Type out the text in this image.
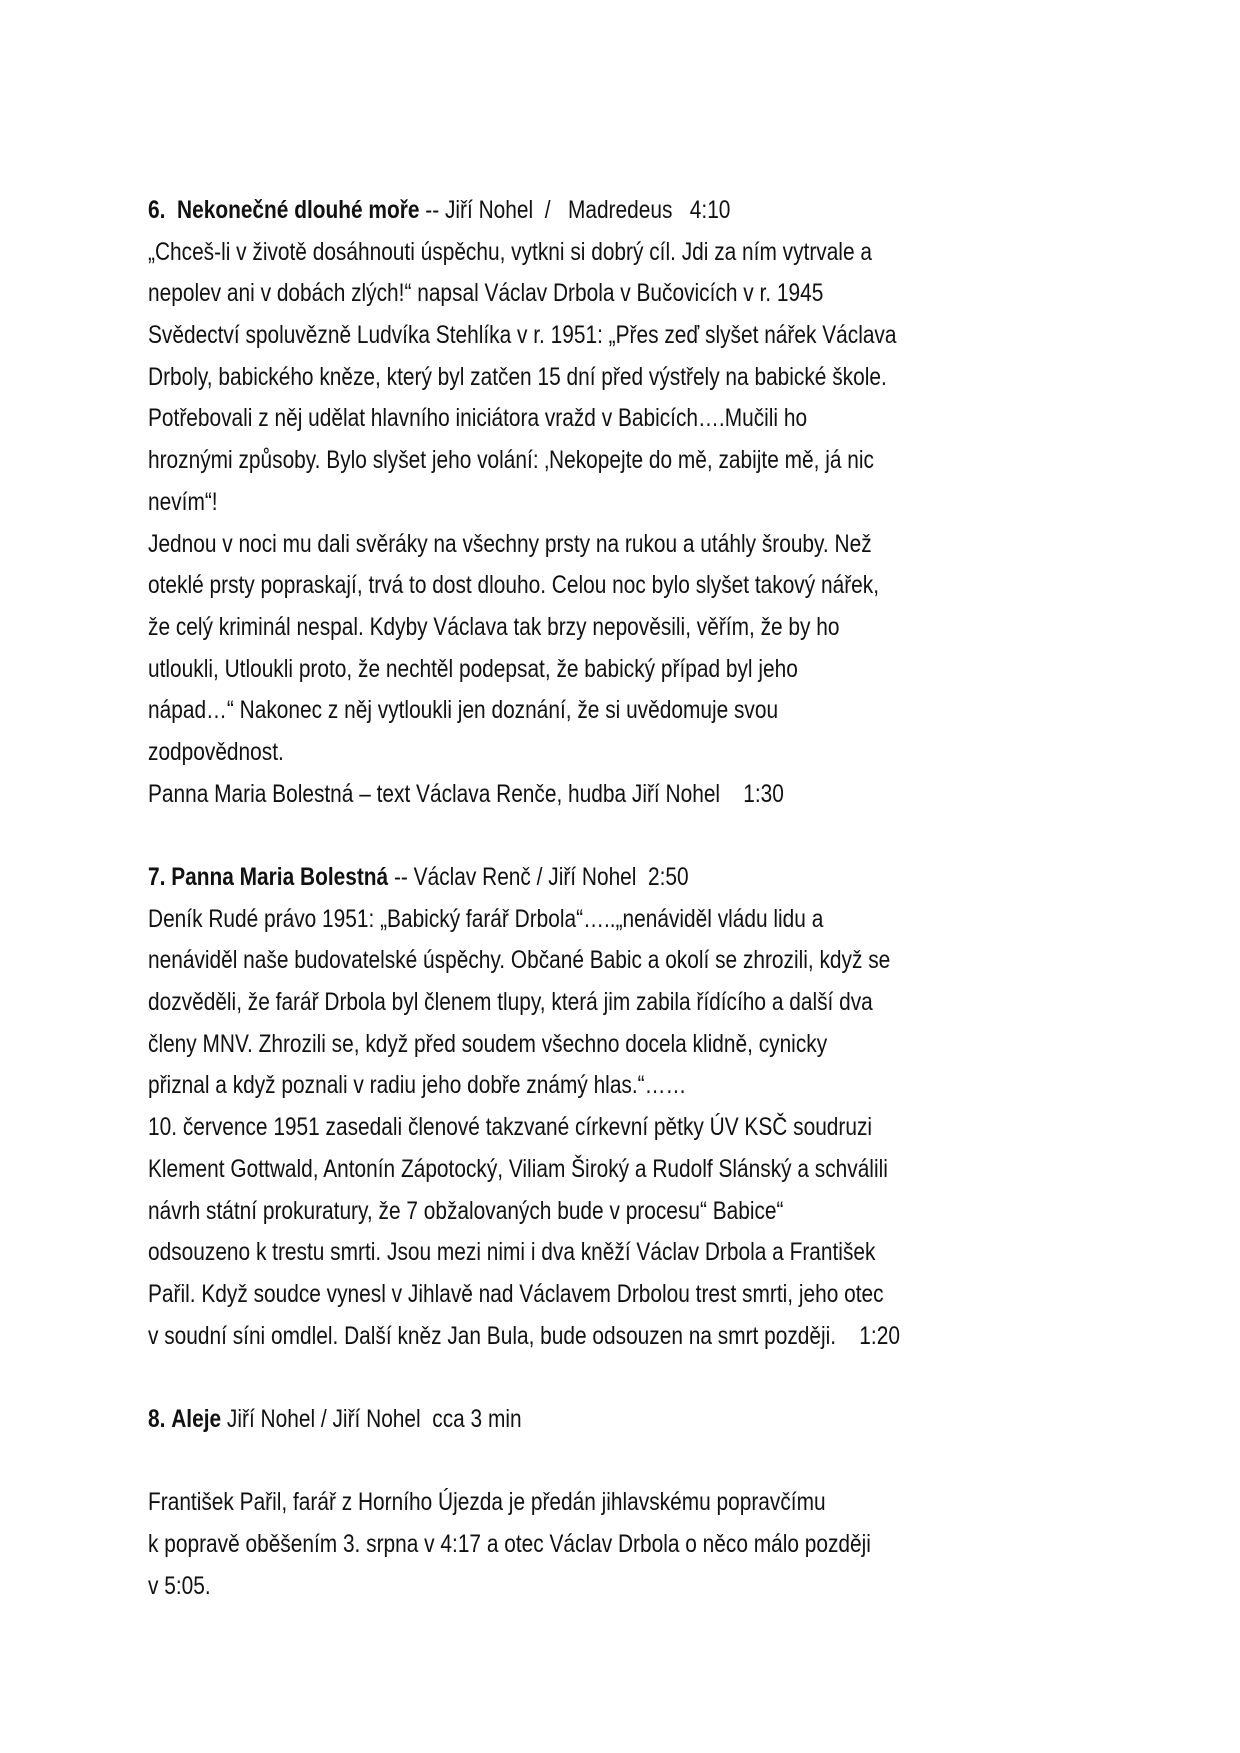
6. Nekonečné dlouhé moře -- Jiří Nohel  /   Madredeus   4:10
„Chceš-li v životě dosáhnouti úspěchu, vytkni si dobrý cíl. Jdi za ním vytrvale a
nepolev ani v dobách zlých!“ napsal Václav Drbola v Bučovicích v r. 1945
Svědectví spoluvězně Ludvíka Stehlíka v r. 1951: „Přes zeď slyšet nářek Václava
Drboly, babického kněze, který byl zatčen 15 dní před výstřely na babické škole.
Potřebovali z něj udělat hlavního iniciátora vražd v Babicích….Mučili ho
hroznými způsoby. Bylo slyšet jeho volání: ‚Nekopejte do mě, zabijte mě, já nic
nevím“!
Jednou v noci mu dali svěráky na všechny prsty na rukou a utáhly šrouby. Než
oteklé prsty popraskají, trvá to dost dlouho. Celou noc bylo slyšet takový nářek,
že celý kriminál nespal. Kdyby Václava tak brzy nepověsili, věřím, že by ho
utloukli, Utloukli proto, že nechtěl podepsat, že babický případ byl jeho
nápad…“ Nakonec z něj vytloukli jen doznání, že si uvědomuje svou
zodpovědnost.
Panna Maria Bolestná – text Václava Renče, hudba Jiří Nohel    1:30
7. Panna Maria Bolestná -- Václav Renč / Jiří Nohel  2:50
Deník Rudé právo 1951: „Babický farář Drbola“…..„nenáviděl vládu lidu a
nenáviděl naše budovatelské úspěchy. Občané Babic a okolí se zhrozili, když se
dozvěděli, že farář Drbola byl členem tlupy, která jim zabila řídícího a další dva
členy MNV. Zhrozili se, když před soudem všechno docela klidně, cynicky
přiznal a když poznali v radiu jeho dobře známý hlas.“……
10. července 1951 zasedali členové takzvané církevní pětky ÚV KSČ soudruzi
Klement Gottwald, Antonín Zápotocký, Viliam Široký a Rudolf Slánský a schválili
návrh státní prokuratury, že 7 obžalovaných bude v procesu“ Babice“
odsouzeno k trestu smrti. Jsou mezi nimi i dva kněží Václav Drbola a František
Pařil. Když soudce vynesl v Jihlavě nad Václavem Drbolou trest smrti, jeho otec
v soudní síni omdlel. Další kněz Jan Bula, bude odsouzen na smrt později.    1:20
8. Aleje Jiří Nohel / Jiří Nohel  cca 3 min
František Pařil, farář z Horního Újezda je předán jihlavskému popravčímu
k popravě oběšením 3. srpna v 4:17 a otec Václav Drbola o něco málo později
v 5:05.
